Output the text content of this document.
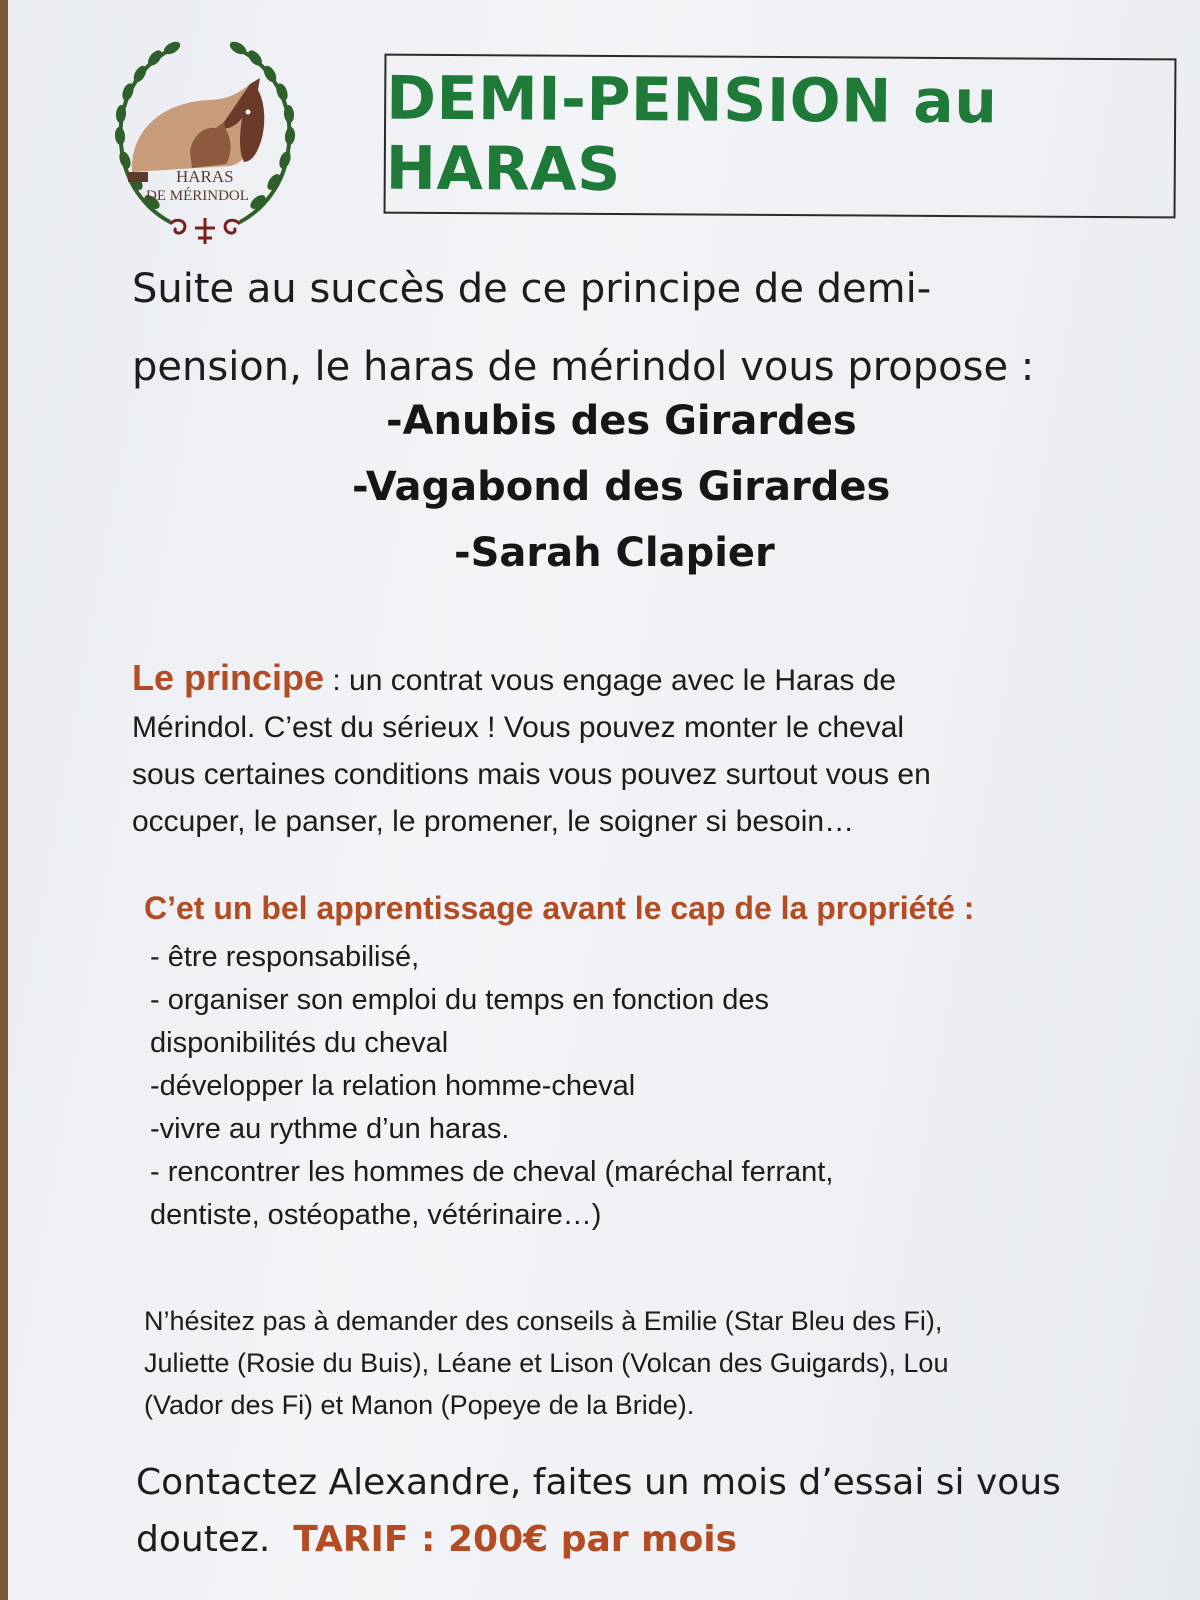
HARAS
DE MÉRINDOL
DEMI-PENSION au HARAS
Suite au succès de ce principe de demi-
pension, le haras de mérindol vous propose :
-Anubis des Girardes
-Vagabond des Girardes
-Sarah Clapier
Le principe : un contrat vous engage avec le Haras de
Mérindol. C’est du sérieux ! Vous pouvez monter le cheval
sous certaines conditions mais vous pouvez surtout vous en
occuper, le panser, le promener, le soigner si besoin…
C’et un bel apprentissage avant le cap de la propriété :
- être responsabilisé,
- organiser son emploi du temps en fonction des
disponibilités du cheval
-développer la relation homme-cheval
-vivre au rythme d’un haras.
- rencontrer les hommes de cheval (maréchal ferrant,
dentiste, ostéopathe, vétérinaire…)
N’hésitez pas à demander des conseils à Emilie (Star Bleu des Fi),
Juliette (Rosie du Buis), Léane et Lison (Volcan des Guigards), Lou
(Vador des Fi) et Manon (Popeye de la Bride).
Contactez Alexandre, faites un mois d’essai si vous
doutez. TARIF : 200€ par mois
